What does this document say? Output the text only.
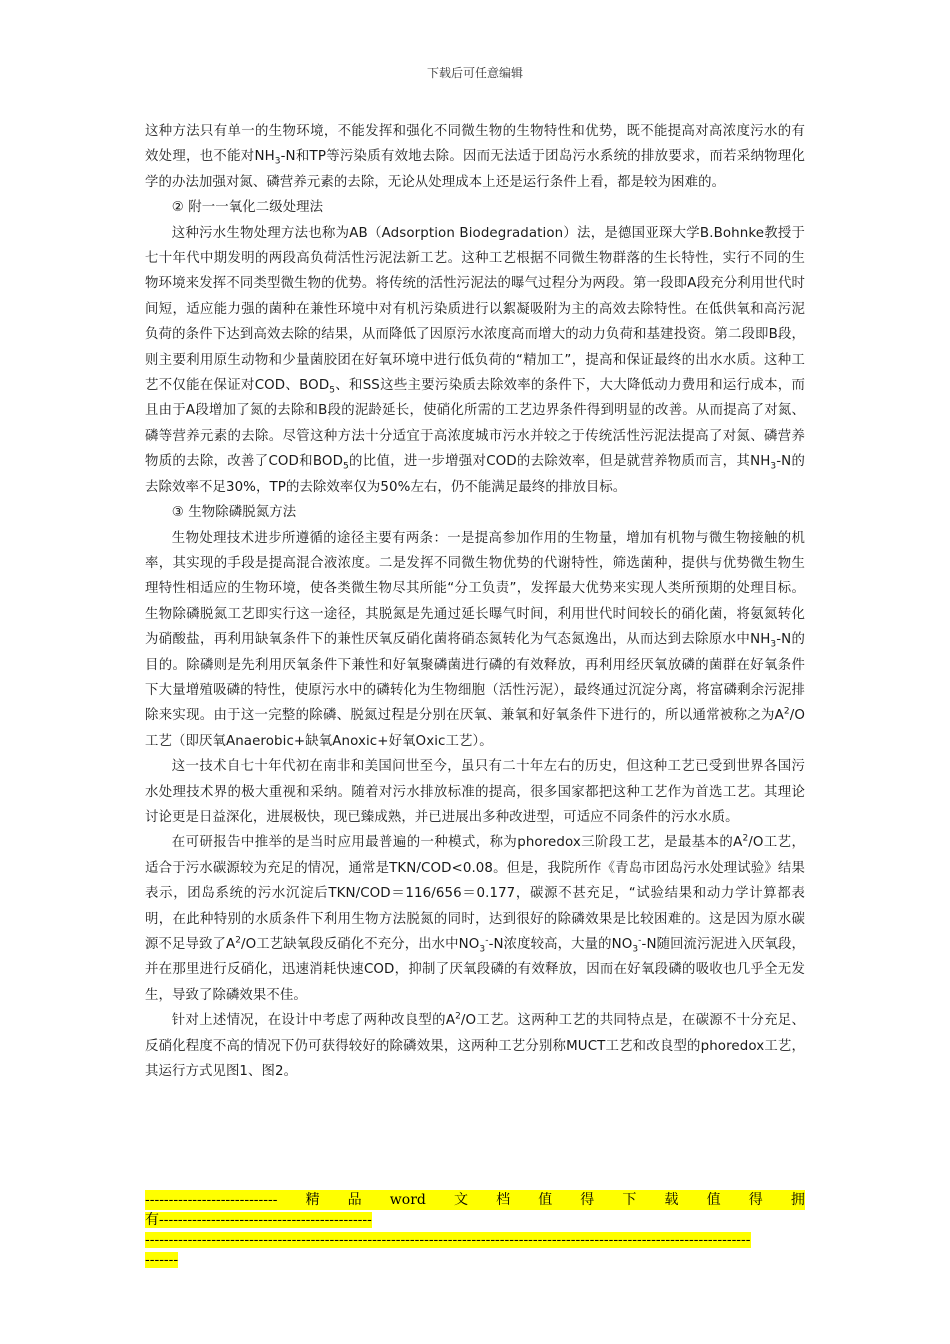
下载后可任意编辑

这种方法只有单一的生物环境，不能发挥和强化不同微生物的生物特性和优势，既不能提高对高浓度污水的有效处理，也不能对$NH_3-N$和TP等污染质有效地去除。因而无法适于团岛污水系统的排放要求，而若采纳物理化学的办法加强对氮、磷营养元素的去除，无论从处理成本上还是运行条件上看，都是较为困难的。

② 附一一氧化二级处理法

这种污水生物处理方法也称为AB（Adsorption Biodegradation）法，是德国亚琛大学B.Bohnke教授于七十年代中期发明的两段高负荷活性污泥法新工艺。这种工艺根据不同微生物群落的生长特性，实行不同的生物环境来发挥不同类型微生物的优势。将传统的活性污泥法的曝气过程分为两段。第一段即A段充分利用世代时间短，适应能力强的菌种在兼性环境中对有机污染质进行以絮凝吸附为主的高效去除特性。在低供氧和高污泥负荷的条件下达到高效去除的结果，从而降低了因原污水浓度高而增大的动力负荷和基建投资。第二段即B段，则主要利用原生动物和少量菌胶团在好氧环境中进行低负荷的“精加工”，提高和保证最终的出水水质。这种工艺不仅能在保证对COD、$BOD_5$、和SS这些主要污染质去除效率的条件下，大大降低动力费用和运行成本，而且由于A段增加了氮的去除和B段的泥龄延长，使硝化所需的工艺边界条件得到明显的改善。从而提高了对氮、磷等营养元素的去除。尽管这种方法十分适宜于高浓度城市污水并较之于传统活性污泥法提高了对氮、磷营养物质的去除，改善了COD和$BOD_5$的比值，进一步增强对COD的去除效率，但是就营养物质而言，其$NH_3-N$的去除效率不足30%，TP的去除效率仅为50%左右，仍不能满足最终的排放目标。

③ 生物除磷脱氮方法

生物处理技术进步所遵循的途径主要有两条：一是提高参加作用的生物量，增加有机物与微生物接触的机率，其实现的手段是提高混合液浓度。二是发挥不同微生物优势的代谢特性，筛选菌种，提供与优势微生物生理特性相适应的生物环境，使各类微生物尽其所能“分工负责”，发挥最大优势来实现人类所预期的处理目标。生物除磷脱氮工艺即实行这一途径，其脱氮是先通过延长曝气时间，利用世代时间较长的硝化菌，将氨氮转化为硝酸盐，再利用缺氧条件下的兼性厌氧反硝化菌将硝态氮转化为气态氮逸出，从而达到去除原水中$NH_3-N$的目的。除磷则是先利用厌氧条件下兼性和好氧聚磷菌进行磷的有效释放，再利用经厌氧放磷的菌群在好氧条件下大量增殖吸磷的特性，使原污水中的磷转化为生物细胞（活性污泥），最终通过沉淀分离，将富磷剩余污泥排除来实现。由于这一完整的除磷、脱氮过程是分别在厌氧、兼氧和好氧条件下进行的，所以通常被称之为$A^2/O$工艺（即厌氧Anaerobic+缺氧Anoxic+好氧Oxic工艺）。

这一技术自七十年代初在南非和美国问世至今，虽只有二十年左右的历史，但这种工艺已受到世界各国污水处理技术界的极大重视和采纳。随着对污水排放标准的提高，很多国家都把这种工艺作为首选工艺。其理论讨论更是日益深化，进展极快，现已臻成熟，并已进展出多种改进型，可适应不同条件的污水水质。

在可研报告中推举的是当时应用最普遍的一种模式，称为phoredox三阶段工艺，是最基本的$A^2/O$工艺，适合于污水碳源较为充足的情况，通常是TKN/COD<0.08。但是，我院所作《青岛市团岛污水处理试验》结果表示，团岛系统的污水沉淀后TKN/COD＝116/656＝0.177，碳源不甚充足，“试验结果和动力学计算都表明，在此种特别的水质条件下利用生物方法脱氮的同时，达到很好的除磷效果是比较困难的。这是因为原水碳源不足导致了$A^2/O$工艺缺氧段反硝化不充分，出水中$NO_3^--N$浓度较高，大量的$NO_3^--N$随回流污泥进入厌氧段，并在那里进行反硝化，迅速消耗快速COD，抑制了厌氧段磷的有效释放，因而在好氧段磷的吸收也几乎全无发生，导致了除磷效果不佳。

针对上述情况，在设计中考虑了两种改良型的$A^2/O$工艺。这两种工艺的共同特点是，在碳源不十分充足、反硝化程度不高的情况下仍可获得较好的除磷效果，这两种工艺分别称MUCT工艺和改良型的phoredox工艺，其运行方式见图1、图2。

---------------------------- 精 品 word 文 档 值 得 下 载 值 得 拥
有---------------------------------------------
--------------------------------------------------------------------------------------------------------------------------------
-------
